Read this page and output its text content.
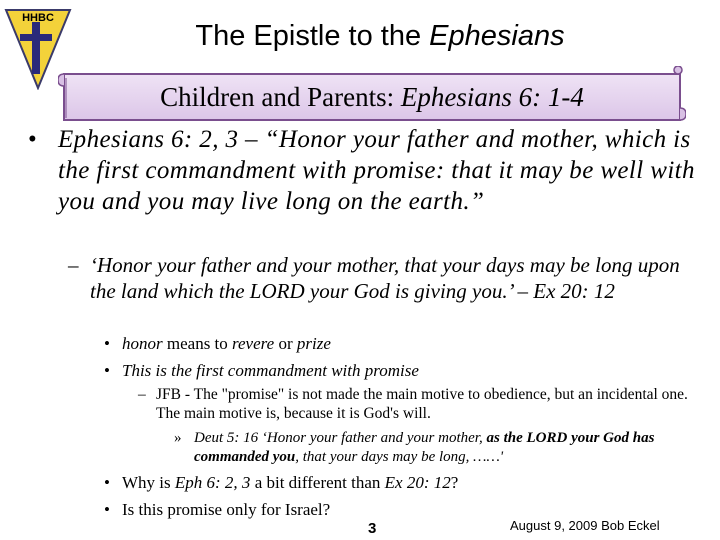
HHBC
The Epistle to the Ephesians
Children and Parents: Ephesians 6: 1-4
• Ephesians 6: 2, 3 – “Honor your father and mother, which is the first commandment with promise: that it may be well with you and you may live long on the earth.”
– ‘Honor your father and your mother, that your days may be long upon the land which the LORD your God is giving you.’ – Ex 20: 12
• honor means to revere or prize
• This is the first commandment with promise
– JFB - The "promise" is not made the main motive to obedience, but an incidental one. The main motive is, because it is God's will.
» Deut 5: 16 ‘Honor your father and your mother, as the LORD your God has commanded you, that your days may be long, ……'
• Why is Eph 6: 2, 3 a bit different than Ex 20: 12?
• Is this promise only for Israel?
3	August 9, 2009 Bob Eckel
